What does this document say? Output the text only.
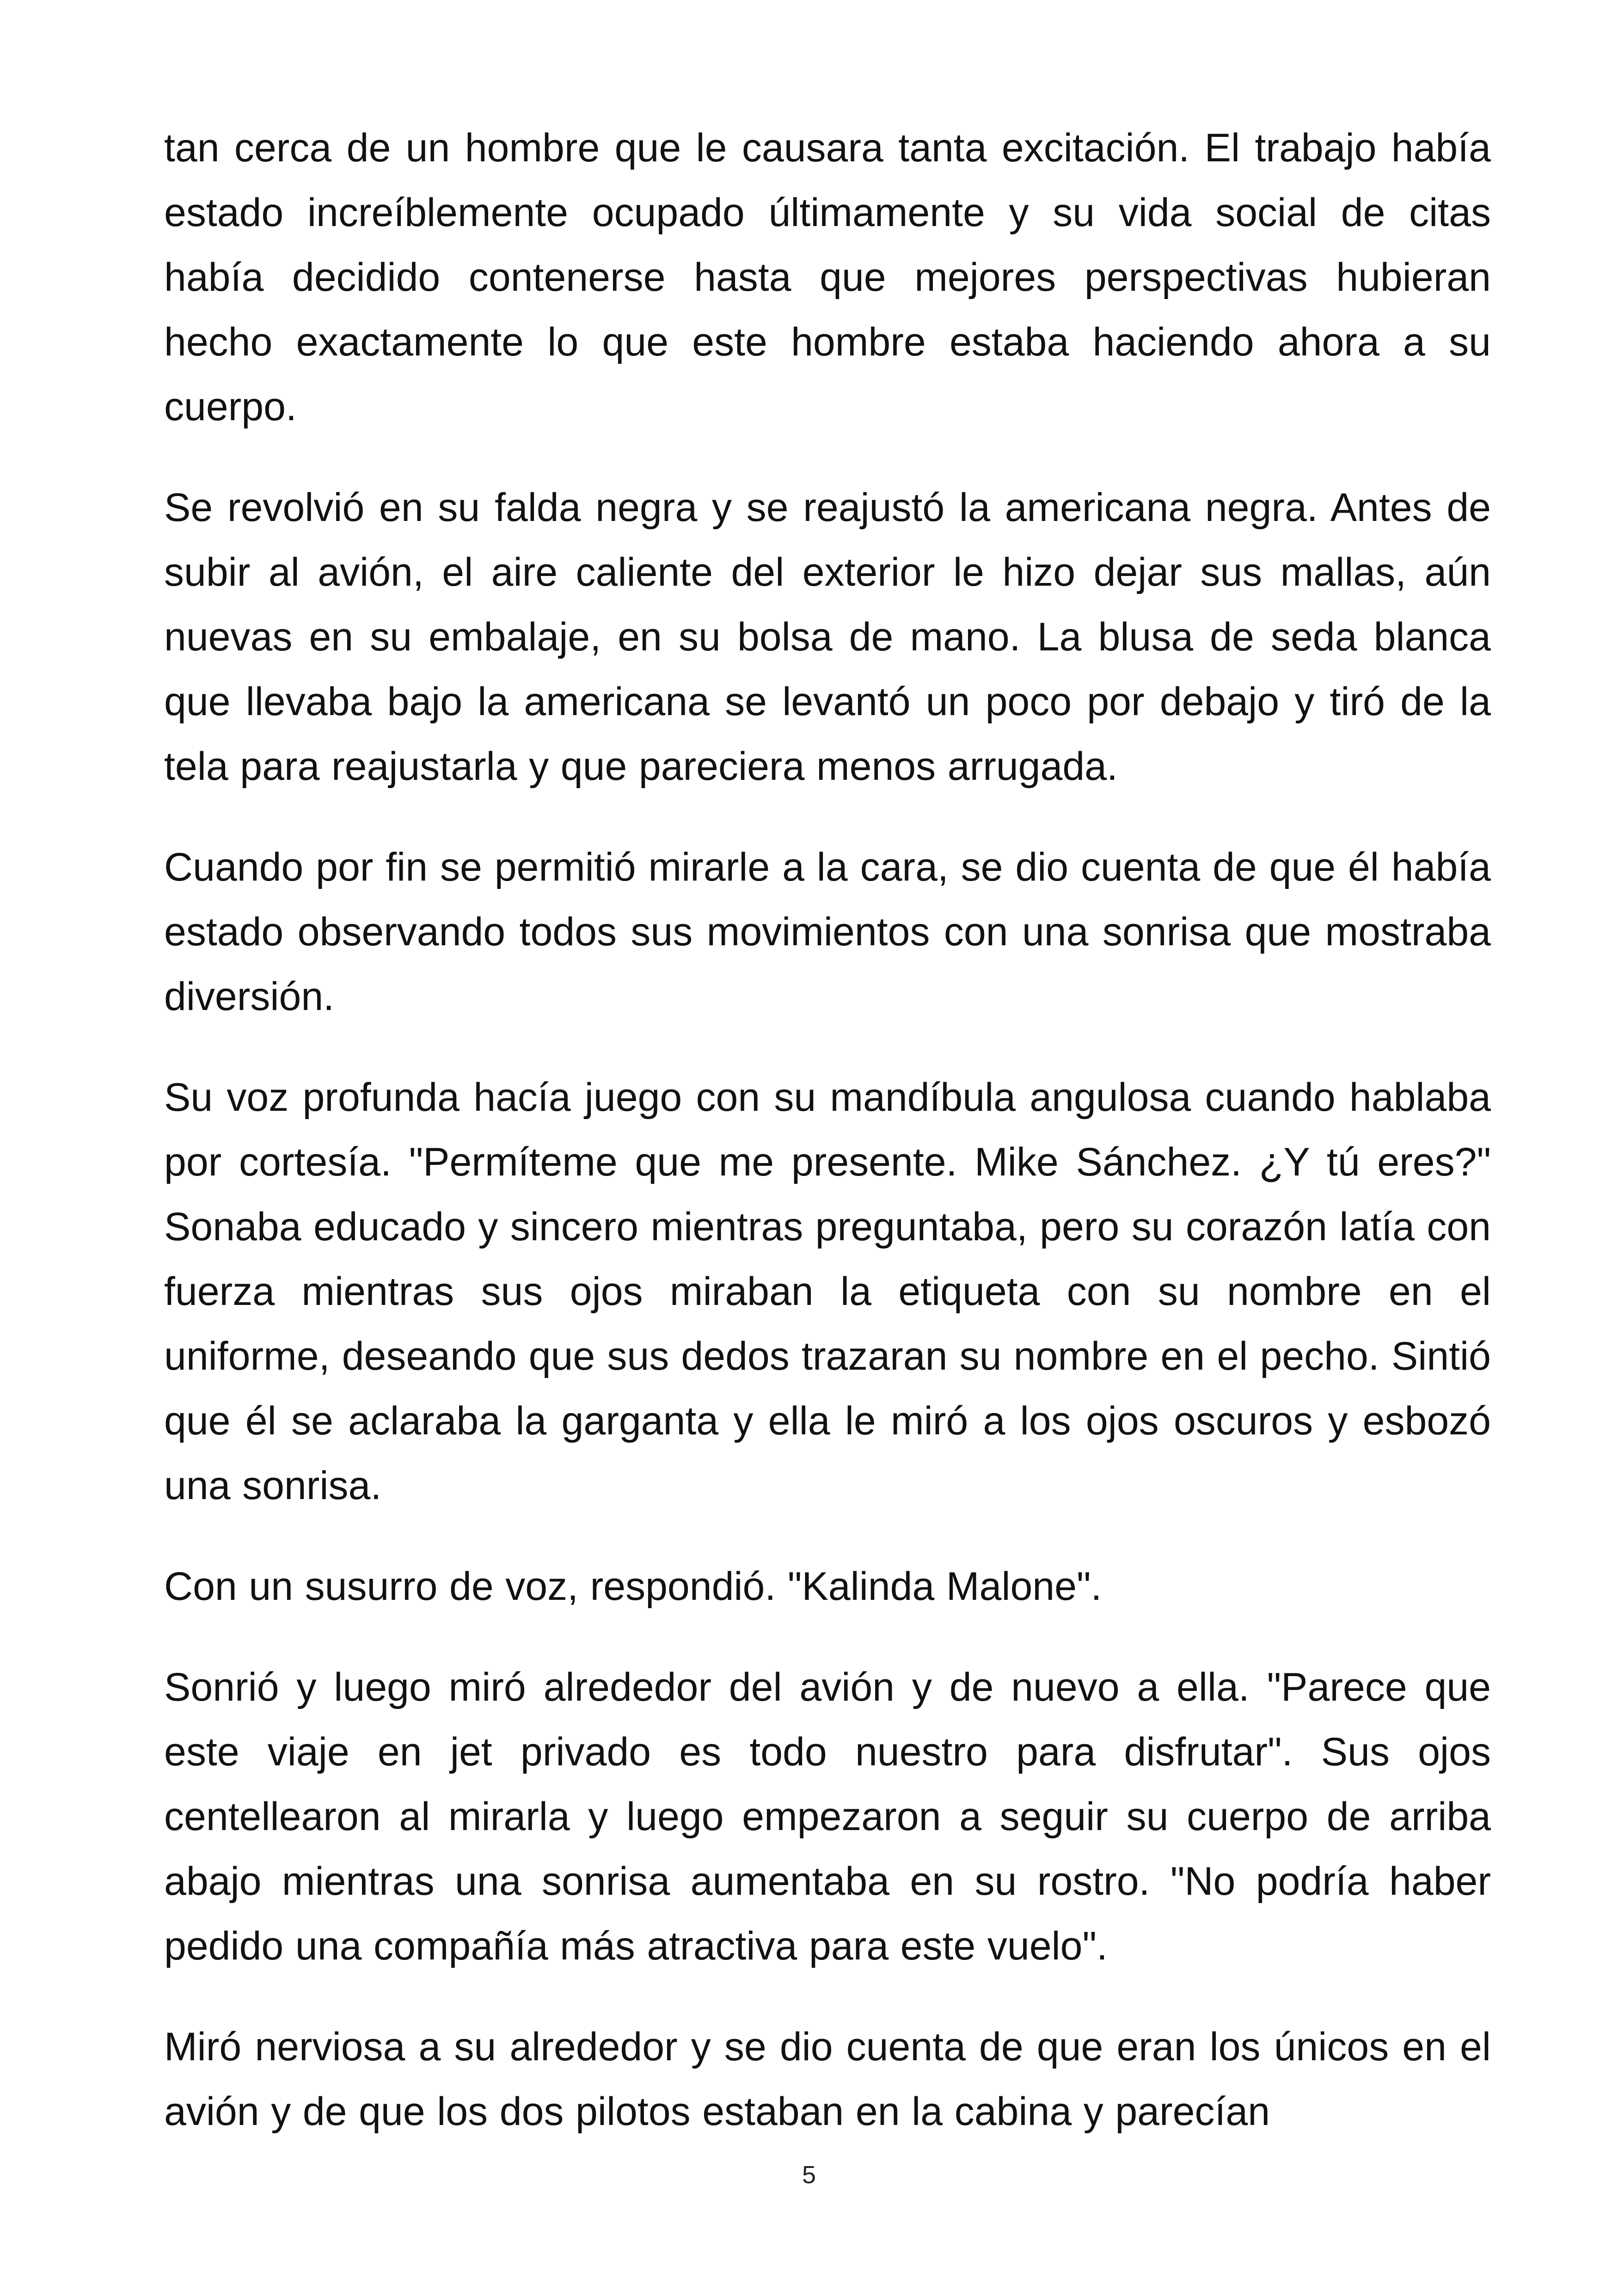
tan cerca de un hombre que le causara tanta excitación. El trabajo había estado increíblemente ocupado últimamente y su vida social de citas había decidido contenerse hasta que mejores perspectivas hubieran hecho exactamente lo que este hombre estaba haciendo ahora a su cuerpo.

Se revolvió en su falda negra y se reajustó la americana negra. Antes de subir al avión, el aire caliente del exterior le hizo dejar sus mallas, aún nuevas en su embalaje, en su bolsa de mano. La blusa de seda blanca que llevaba bajo la americana se levantó un poco por debajo y tiró de la tela para reajustarla y que pareciera menos arrugada.

Cuando por fin se permitió mirarle a la cara, se dio cuenta de que él había estado observando todos sus movimientos con una sonrisa que mostraba diversión.

Su voz profunda hacía juego con su mandíbula angulosa cuando hablaba por cortesía. "Permíteme que me presente. Mike Sánchez. ¿Y tú eres?" Sonaba educado y sincero mientras preguntaba, pero su corazón latía con fuerza mientras sus ojos miraban la etiqueta con su nombre en el uniforme, deseando que sus dedos trazaran su nombre en el pecho. Sintió que él se aclaraba la garganta y ella le miró a los ojos oscuros y esbozó una sonrisa.

Con un susurro de voz, respondió. "Kalinda Malone".

Sonrió y luego miró alrededor del avión y de nuevo a ella. "Parece que este viaje en jet privado es todo nuestro para disfrutar". Sus ojos centellearon al mirarla y luego empezaron a seguir su cuerpo de arriba abajo mientras una sonrisa aumentaba en su rostro. "No podría haber pedido una compañía más atractiva para este vuelo".

Miró nerviosa a su alrededor y se dio cuenta de que eran los únicos en el avión y de que los dos pilotos estaban en la cabina y parecían

5
